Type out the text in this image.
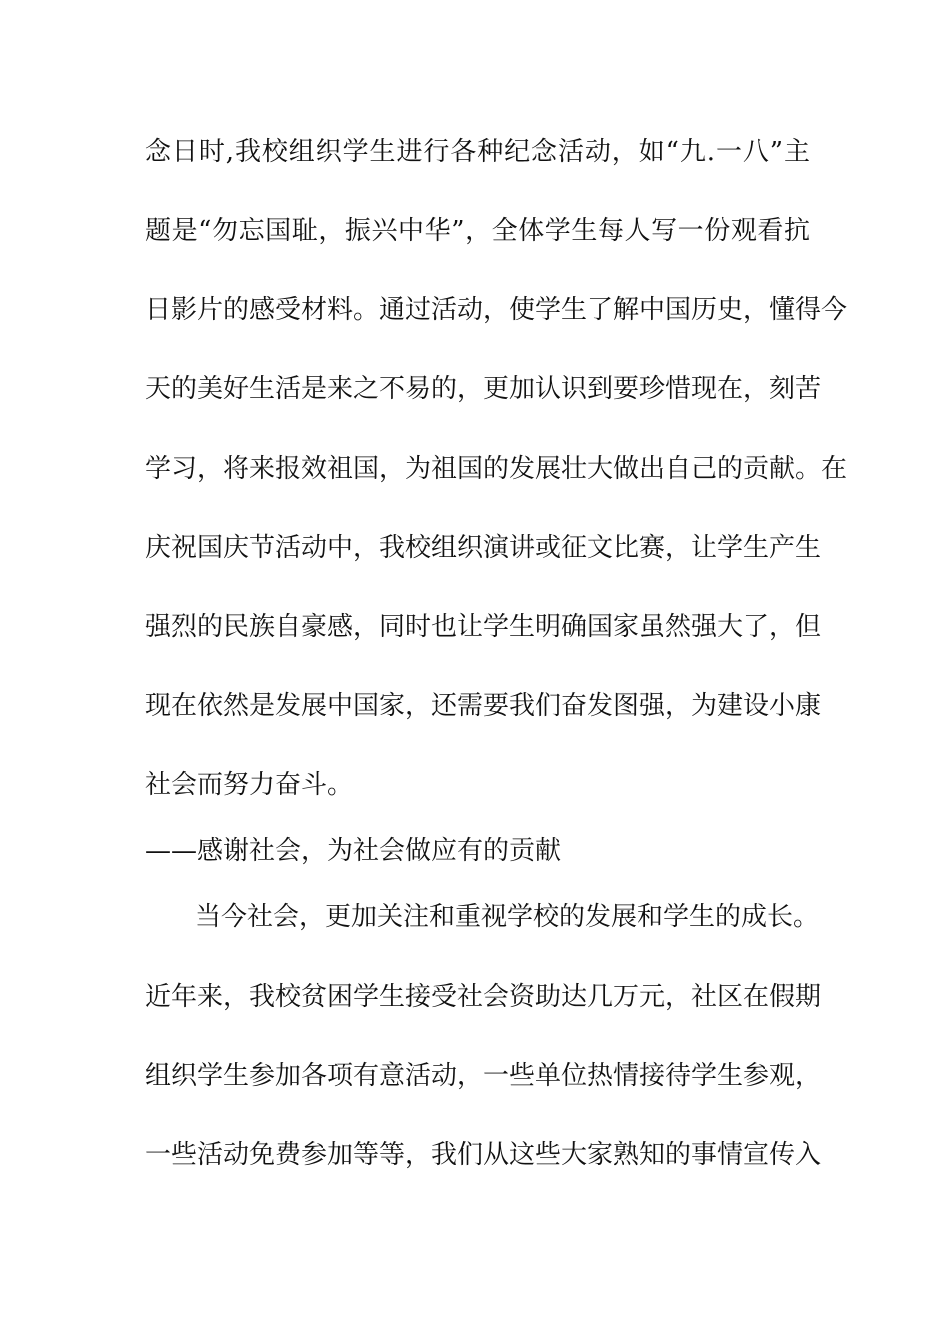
念日时,我校组织学生进行各种纪念活动，如“九.一八”主
题是“勿忘国耻，振兴中华”，全体学生每人写一份观看抗
日影片的感受材料。通过活动，使学生了解中国历史，懂得今
天的美好生活是来之不易的，更加认识到要珍惜现在，刻苦
学习，将来报效祖国，为祖国的发展壮大做出自己的贡献。在
庆祝国庆节活动中，我校组织演讲或征文比赛，让学生产生
强烈的民族自豪感，同时也让学生明确国家虽然强大了，但
现在依然是发展中国家，还需要我们奋发图强，为建设小康
社会而努力奋斗。
——感谢社会，为社会做应有的贡献
当今社会，更加关注和重视学校的发展和学生的成长。
近年来，我校贫困学生接受社会资助达几万元，社区在假期
组织学生参加各项有意活动，一些单位热情接待学生参观，
一些活动免费参加等等，我们从这些大家熟知的事情宣传入
